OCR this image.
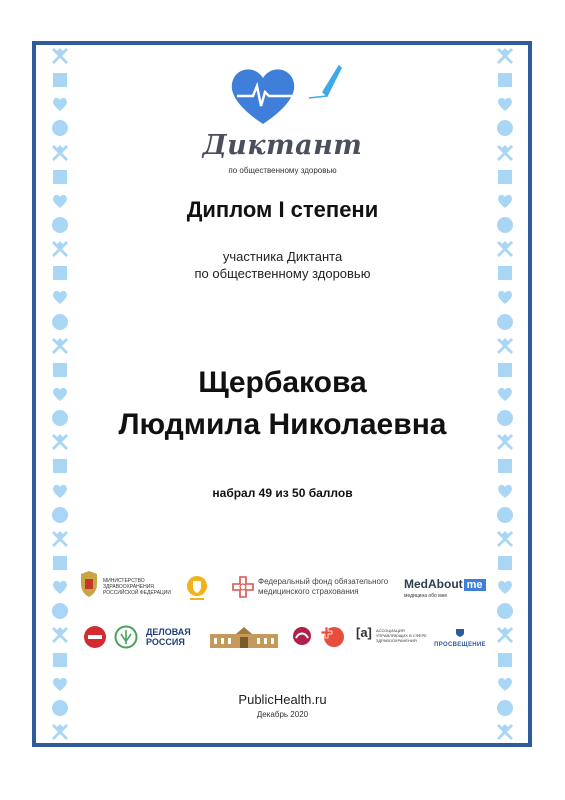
Диктант
по общественному здоровью
Диплом I степени
участника Диктанта
по общественному здоровью
Щербакова
Людмила Николаевна
набрал 49 из 50 баллов
МИНИСТЕРСТВО
ЗДРАВООХРАНЕНИЯ
РОССИЙСКОЙ ФЕДЕРАЦИИ
Федеральный фонд обязательного
медицинского страхования
MedAbout me
медицина обо мне
ДЕЛОВАЯ
РОССИЯ
[а] АССОЦИАЦИЯ
УПРАВЛЯЮЩИХ В СФЕРЕ
ЗДРАВООХРАНЕНИЯ
ПРОСВЕЩЕНИЕ
PublicHealth.ru
Декабрь 2020
